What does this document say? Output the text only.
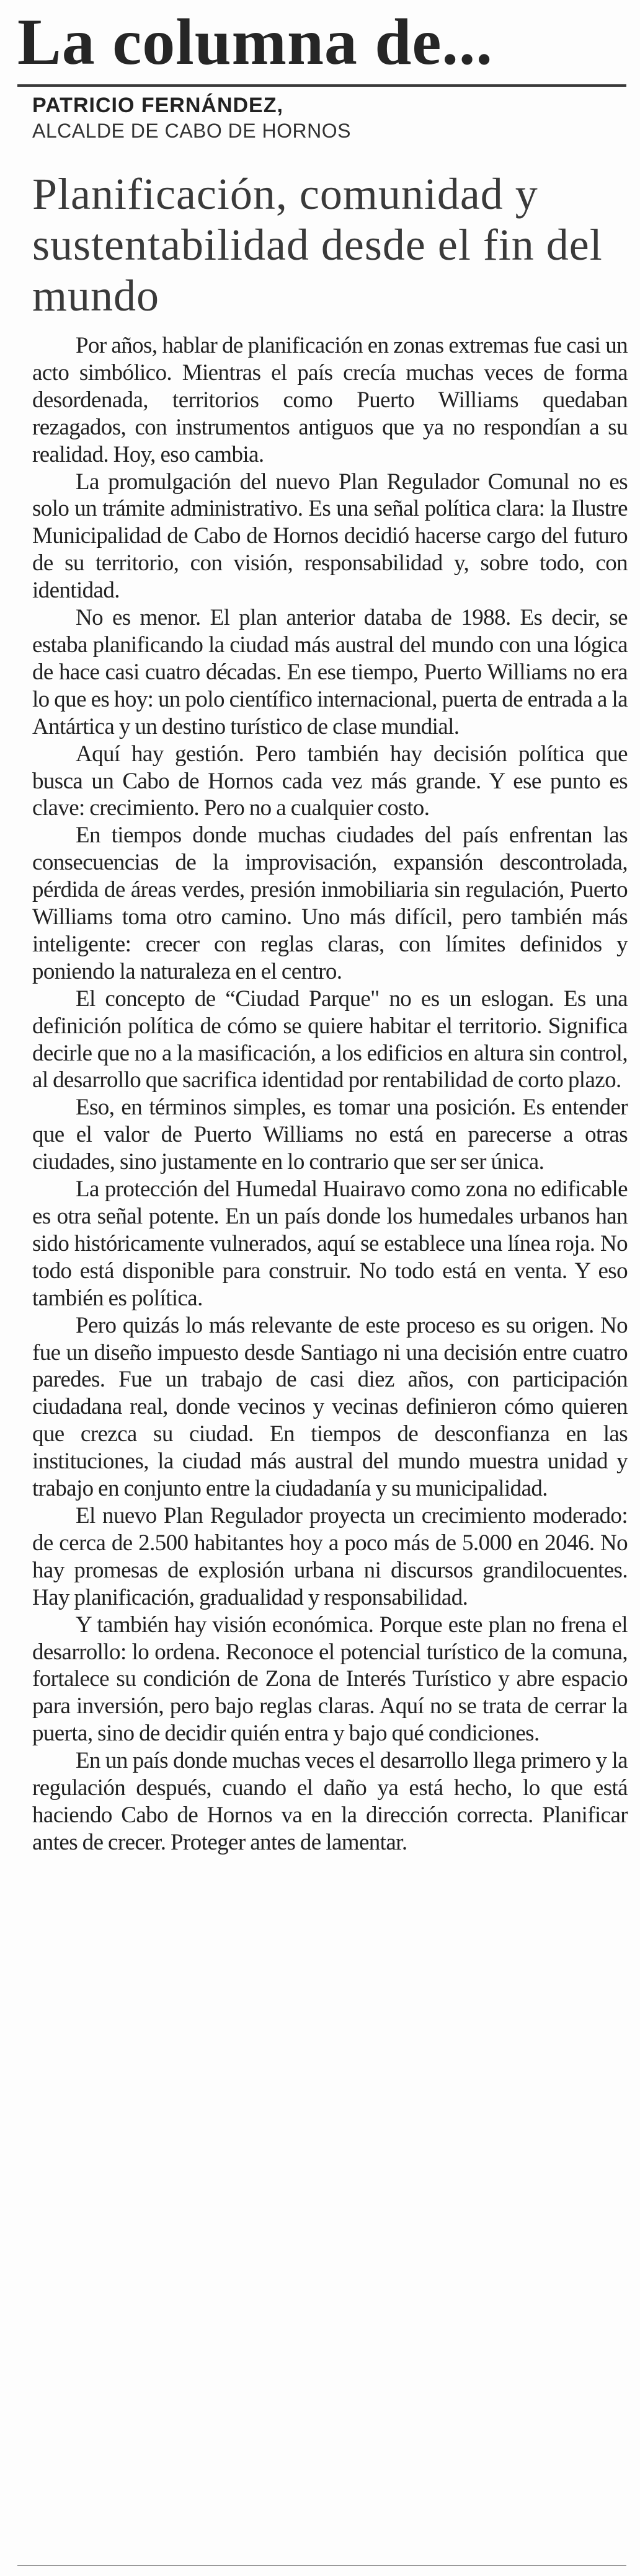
La columna de...

PATRICIO FERNÁNDEZ,

ALCALDE DE CABO DE HORNOS

Planificación, comunidad y sustentabilidad desde el fin del mundo

Por años, hablar de planificación en zonas extremas fue casi un acto simbólico. Mientras el país crecía muchas veces de forma desordenada, territorios como Puerto Williams quedaban rezagados, con instrumentos antiguos que ya no respondían a su realidad. Hoy, eso cambia.

La promulgación del nuevo Plan Regulador Comunal no es solo un trámite administrativo. Es una señal política clara: la Ilustre Municipalidad de Cabo de Hornos decidió hacerse cargo del futuro de su territorio, con visión, responsabilidad y, sobre todo, con identidad.

No es menor. El plan anterior databa de 1988. Es decir, se estaba planificando la ciudad más austral del mundo con una lógica de hace casi cuatro décadas. En ese tiempo, Puerto Williams no era lo que es hoy: un polo científico internacional, puerta de entrada a la Antártica y un destino turístico de clase mundial.

Aquí hay gestión. Pero también hay decisión política que busca un Cabo de Hornos cada vez más grande. Y ese punto es clave: crecimiento. Pero no a cualquier costo.

En tiempos donde muchas ciudades del país enfrentan las consecuencias de la improvisación, expansión descontrolada, pérdida de áreas verdes, presión inmobiliaria sin regulación, Puerto Williams toma otro camino. Uno más difícil, pero también más inteligente: crecer con reglas claras, con límites definidos y poniendo la naturaleza en el centro.

El concepto de “Ciudad Parque" no es un eslogan. Es una definición política de cómo se quiere habitar el territorio. Significa decirle que no a la masificación, a los edificios en altura sin control, al desarrollo que sacrifica identidad por rentabilidad de corto plazo.

Eso, en términos simples, es tomar una posición. Es entender que el valor de Puerto Williams no está en parecerse a otras ciudades, sino justamente en lo contrario que ser ser única.

La protección del Humedal Huairavo como zona no edificable es otra señal potente. En un país donde los humedales urbanos han sido históricamente vulnerados, aquí se establece una línea roja. No todo está disponible para construir. No todo está en venta. Y eso también es política.

Pero quizás lo más relevante de este proceso es su origen. No fue un diseño impuesto desde Santiago ni una decisión entre cuatro paredes. Fue un trabajo de casi diez años, con participación ciudadana real, donde vecinos y vecinas definieron cómo quieren que crezca su ciudad. En tiempos de desconfianza en las instituciones, la ciudad más austral del mundo muestra unidad y trabajo en conjunto entre la ciudadanía y su municipalidad.

El nuevo Plan Regulador proyecta un crecimiento moderado: de cerca de 2.500 habitantes hoy a poco más de 5.000 en 2046. No hay promesas de explosión urbana ni discursos grandilocuentes. Hay planificación, gradualidad y responsabilidad.

Y también hay visión económica. Porque este plan no frena el desarrollo: lo ordena. Reconoce el potencial turístico de la comuna, fortalece su condición de Zona de Interés Turístico y abre espacio para inversión, pero bajo reglas claras. Aquí no se trata de cerrar la puerta, sino de decidir quién entra y bajo qué condiciones.

En un país donde muchas veces el desarrollo llega primero y la regulación después, cuando el daño ya está hecho, lo que está haciendo Cabo de Hornos va en la dirección correcta. Planificar antes de crecer. Proteger antes de lamentar.
